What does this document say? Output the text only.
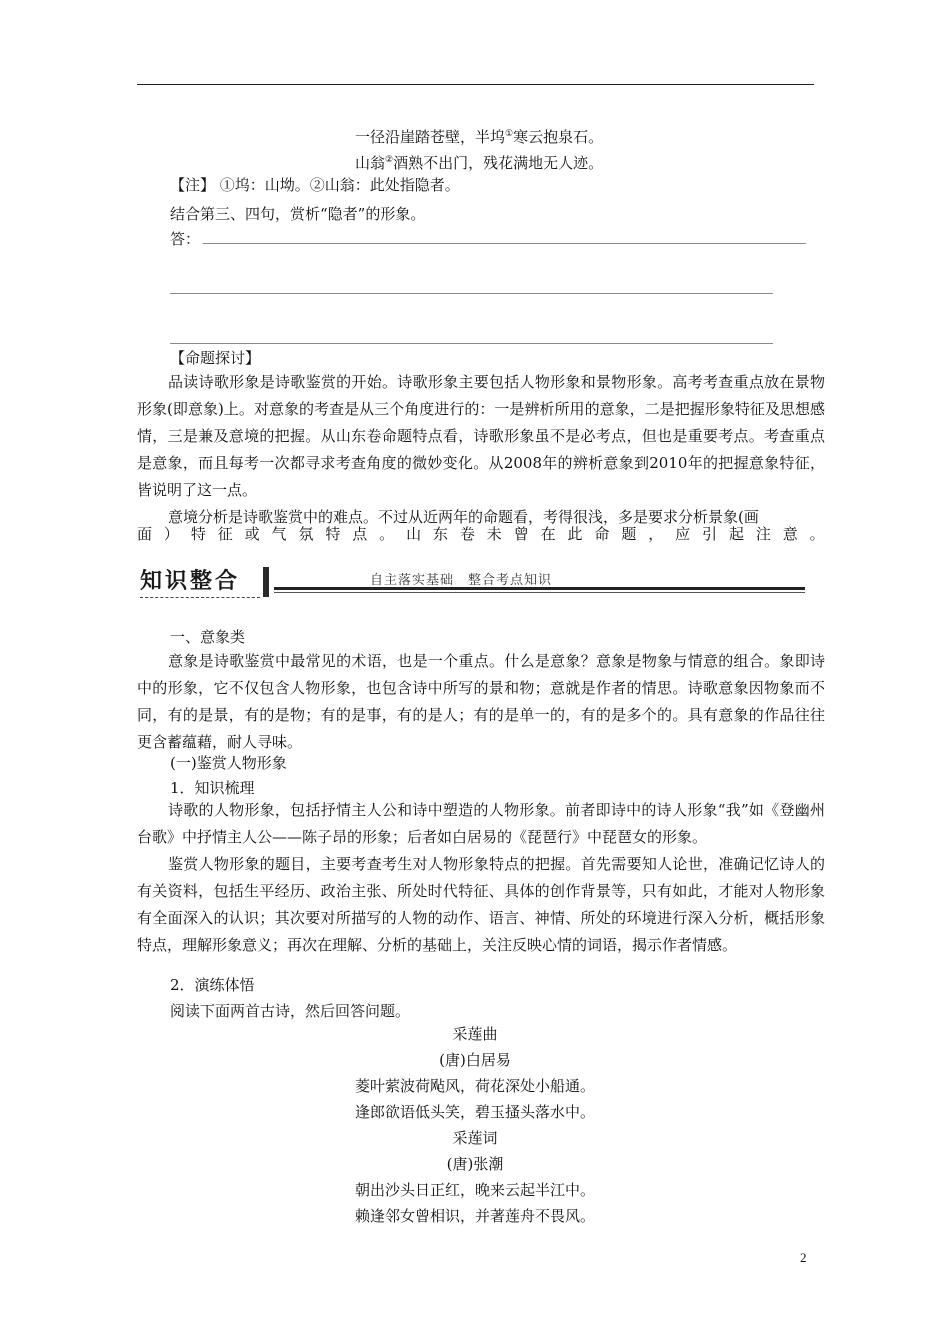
一径沿崖踏苍壁，半坞①寒云抱泉石。
山翁②酒熟不出门，残花满地无人迹。
【注】 ①坞：山坳。②山翁：此处指隐者。
结合第三、四句，赏析“隐者”的形象。
答：
【命题探讨】

品读诗歌形象是诗歌鉴赏的开始。诗歌形象主要包括人物形象和景物形象。高考考查重点放在景物形象(即意象)上。对意象的考查是从三个角度进行的：一是辨析所用的意象，二是把握形象特征及思想感情，三是兼及意境的把握。从山东卷命题特点看，诗歌形象虽不是必考点，但也是重要考点。考查重点是意象，而且每考一次都寻求考查角度的微妙变化。从2008年的辨析意象到2010年的把握意象特征，皆说明了这一点。

意境分析是诗歌鉴赏中的难点。不过从近两年的命题看，考得很浅，多是要求分析景象(画

面 ） 特 征 或 气 氛 特 点 。 山 东 卷 未 曾 在 此 命 题 ， 应 引 起 注 意 。
知识整合	自主落实基础　整合考点知识
一、意象类

意象是诗歌鉴赏中最常见的术语，也是一个重点。什么是意象？意象是物象与情意的组合。象即诗中的形象，它不仅包含人物形象，也包含诗中所写的景和物；意就是作者的情思。诗歌意象因物象而不同，有的是景，有的是物；有的是事，有的是人；有的是单一的，有的是多个的。具有意象的作品往往更含蓄蕴藉，耐人寻味。

(一)鉴赏人物形象
1．知识梳理

诗歌的人物形象，包括抒情主人公和诗中塑造的人物形象。前者即诗中的诗人形象“我”如《登幽州台歌》中抒情主人公——陈子昂的形象；后者如白居易的《琵琶行》中琵琶女的形象。

鉴赏人物形象的题目，主要考查考生对人物形象特点的把握。首先需要知人论世，准确记忆诗人的有关资料，包括生平经历、政治主张、所处时代特征、具体的创作背景等，只有如此，才能对人物形象有全面深入的认识；其次要对所描写的人物的动作、语言、神情、所处的环境进行深入分析，概括形象特点，理解形象意义；再次在理解、分析的基础上，关注反映心情的词语，揭示作者情感。

2．演练体悟
阅读下面两首古诗，然后回答问题。
采莲曲
(唐)白居易
菱叶萦波荷飐风，荷花深处小船通。
逢郎欲语低头笑，碧玉搔头落水中。
采莲词
(唐)张潮
朝出沙头日正红，晚来云起半江中。
赖逢邻女曾相识，并著莲舟不畏风。
2
